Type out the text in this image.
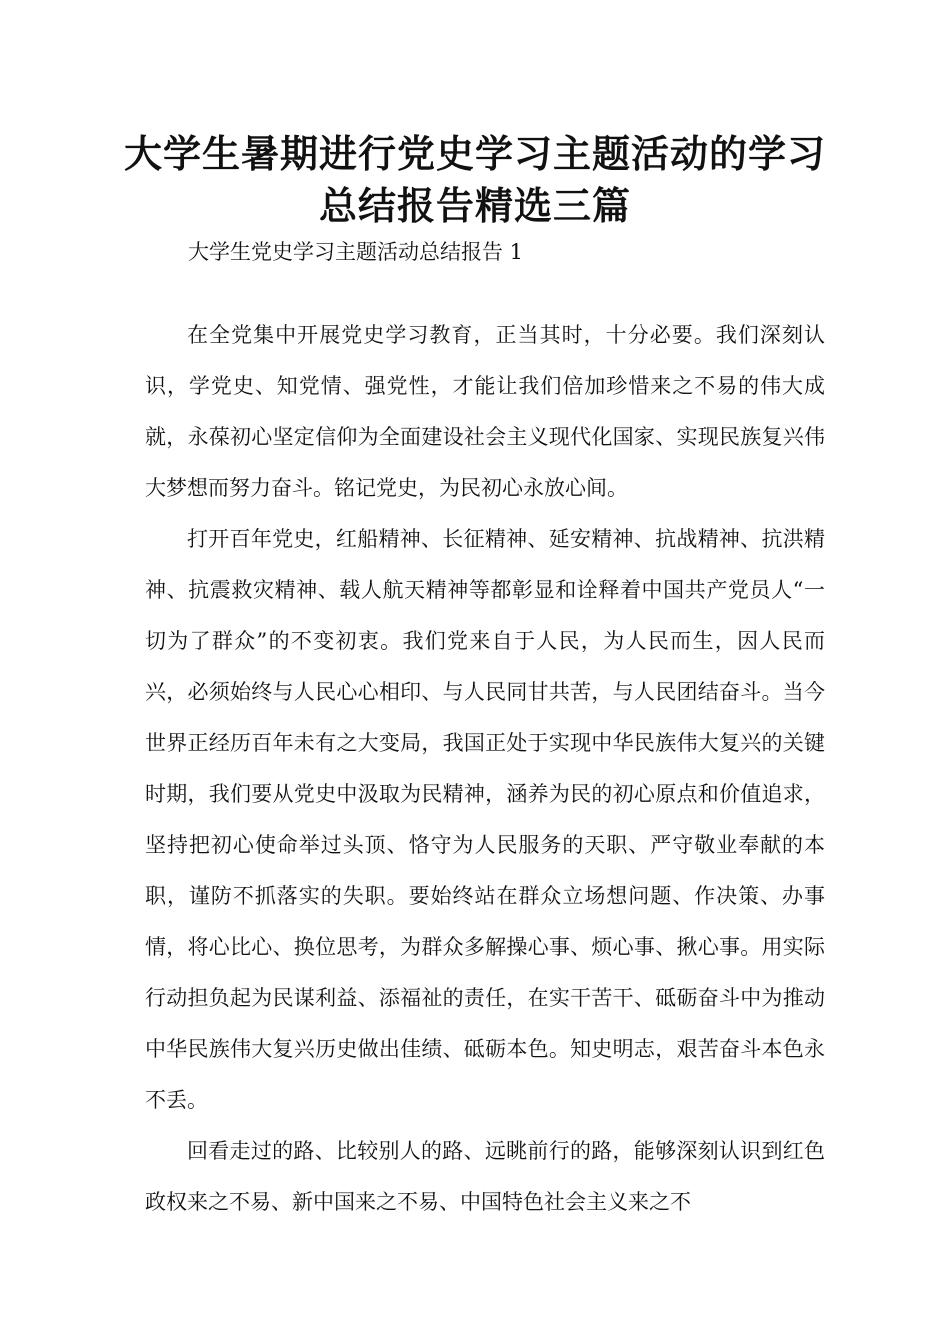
大学生暑期进行党史学习主题活动的学习总结报告精选三篇
大学生党史学习主题活动总结报告 1

在全党集中开展党史学习教育，正当其时，十分必要。我们深刻认识，学党史、知党情、强党性，才能让我们倍加珍惜来之不易的伟大成就，永葆初心坚定信仰为全面建设社会主义现代化国家、实现民族复兴伟大梦想而努力奋斗。铭记党史，为民初心永放心间。

打开百年党史，红船精神、长征精神、延安精神、抗战精神、抗洪精神、抗震救灾精神、载人航天精神等都彰显和诠释着中国共产党员人“一切为了群众”的不变初衷。我们党来自于人民，为人民而生，因人民而兴，必须始终与人民心心相印、与人民同甘共苦，与人民团结奋斗。当今世界正经历百年未有之大变局，我国正处于实现中华民族伟大复兴的关键时期，我们要从党史中汲取为民精神，涵养为民的初心原点和价值追求，坚持把初心使命举过头顶、恪守为人民服务的天职、严守敬业奉献的本职，谨防不抓落实的失职。要始终站在群众立场想问题、作决策、办事情，将心比心、换位思考，为群众多解操心事、烦心事、揪心事。用实际行动担负起为民谋利益、添福祉的责任，在实干苦干、砥砺奋斗中为推动中华民族伟大复兴历史做出佳绩、砥砺本色。知史明志，艰苦奋斗本色永不丢。

回看走过的路、比较别人的路、远眺前行的路，能够深刻认识到红色政权来之不易、新中国来之不易、中国特色社会主义来之不
